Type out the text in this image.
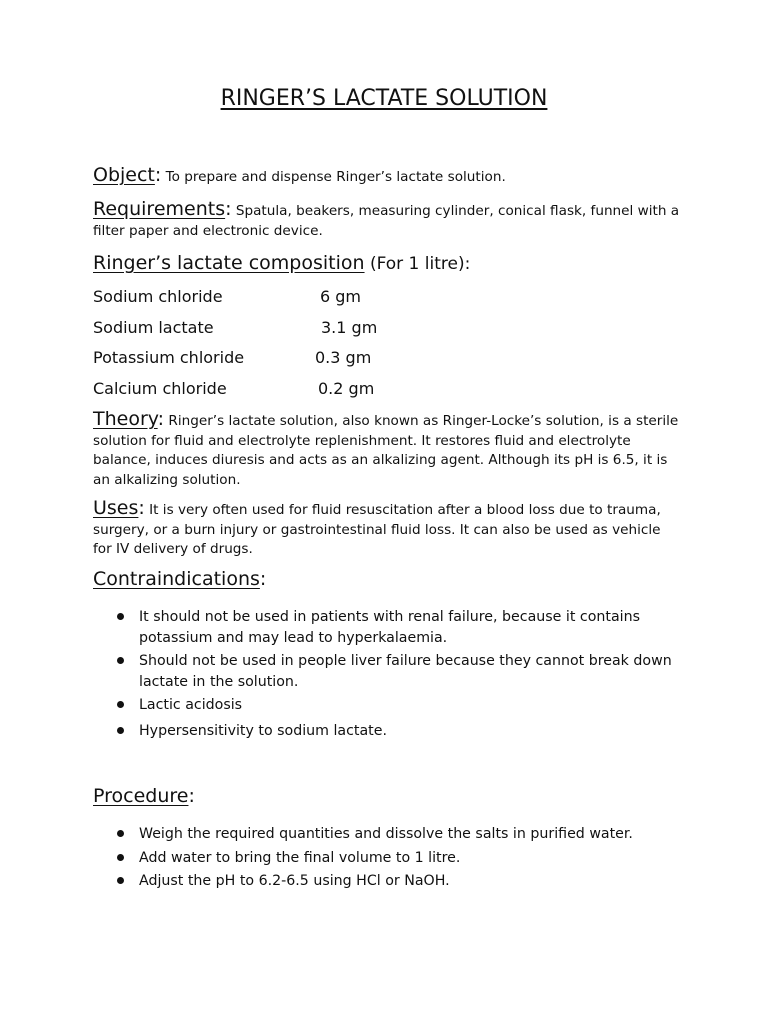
RINGER’S LACTATE SOLUTION
Object: To prepare and dispense Ringer’s lactate solution.
Requirements: Spatula, beakers, measuring cylinder, conical flask, funnel with a filter paper and electronic device.
Ringer’s lactate composition (For 1 litre):
Sodium chloride	6 gm
Sodium lactate	3.1 gm
Potassium chloride	0.3 gm
Calcium chloride	0.2 gm
Theory: Ringer’s lactate solution, also known as Ringer-Locke’s solution, is a sterile solution for fluid and electrolyte replenishment. It restores fluid and electrolyte balance, induces diuresis and acts as an alkalizing agent. Although its pH is 6.5, it is an alkalizing solution.
Uses: It is very often used for fluid resuscitation after a blood loss due to trauma, surgery, or a burn injury or gastrointestinal fluid loss. It can also be used as vehicle for IV delivery of drugs.
Contraindications:
It should not be used in patients with renal failure, because it contains potassium and may lead to hyperkalaemia.
Should not be used in people liver failure because they cannot break down lactate in the solution.
Lactic acidosis
Hypersensitivity to sodium lactate.
Procedure:
Weigh the required quantities and dissolve the salts in purified water.
Add water to bring the final volume to 1 litre.
Adjust the pH to 6.2-6.5 using HCl or NaOH.
